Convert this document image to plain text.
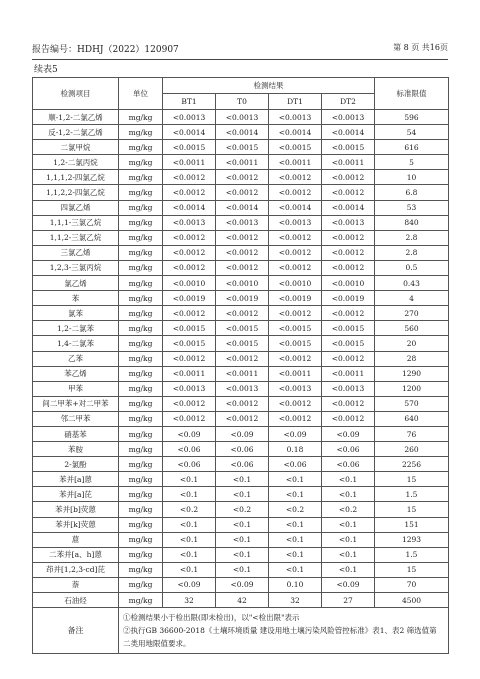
报告编号：HDHJ（2022）120907	第 8 页 共16页
续表5
检测项目	单位	检测结果				标准限值
		BT1	T0	DT1	DT2	
顺-1,2-二氯乙烯	mg/kg	<0.0013	<0.0013	<0.0013	<0.0013	596
反-1,2-二氯乙烯	mg/kg	<0.0014	<0.0014	<0.0014	<0.0014	54
二氯甲烷	mg/kg	<0.0015	<0.0015	<0.0015	<0.0015	616
1,2-二氯丙烷	mg/kg	<0.0011	<0.0011	<0.0011	<0.0011	5
1,1,1,2-四氯乙烷	mg/kg	<0.0012	<0.0012	<0.0012	<0.0012	10
1,1,2,2-四氯乙烷	mg/kg	<0.0012	<0.0012	<0.0012	<0.0012	6.8
四氯乙烯	mg/kg	<0.0014	<0.0014	<0.0014	<0.0014	53
1,1,1-三氯乙烷	mg/kg	<0.0013	<0.0013	<0.0013	<0.0013	840
1,1,2-三氯乙烷	mg/kg	<0.0012	<0.0012	<0.0012	<0.0012	2.8
三氯乙烯	mg/kg	<0.0012	<0.0012	<0.0012	<0.0012	2.8
1,2,3-三氯丙烷	mg/kg	<0.0012	<0.0012	<0.0012	<0.0012	0.5
氯乙烯	mg/kg	<0.0010	<0.0010	<0.0010	<0.0010	0.43
苯	mg/kg	<0.0019	<0.0019	<0.0019	<0.0019	4
氯苯	mg/kg	<0.0012	<0.0012	<0.0012	<0.0012	270
1,2-二氯苯	mg/kg	<0.0015	<0.0015	<0.0015	<0.0015	560
1,4-二氯苯	mg/kg	<0.0015	<0.0015	<0.0015	<0.0015	20
乙苯	mg/kg	<0.0012	<0.0012	<0.0012	<0.0012	28
苯乙烯	mg/kg	<0.0011	<0.0011	<0.0011	<0.0011	1290
甲苯	mg/kg	<0.0013	<0.0013	<0.0013	<0.0013	1200
间二甲苯+对二甲苯	mg/kg	<0.0012	<0.0012	<0.0012	<0.0012	570
邻二甲苯	mg/kg	<0.0012	<0.0012	<0.0012	<0.0012	640
硝基苯	mg/kg	<0.09	<0.09	<0.09	<0.09	76
苯胺	mg/kg	<0.06	<0.06	0.18	<0.06	260
2-氯酚	mg/kg	<0.06	<0.06	<0.06	<0.06	2256
苯并[a]蒽	mg/kg	<0.1	<0.1	<0.1	<0.1	15
苯并[a]芘	mg/kg	<0.1	<0.1	<0.1	<0.1	1.5
苯并[b]荧蒽	mg/kg	<0.2	<0.2	<0.2	<0.2	15
苯并[k]荧蒽	mg/kg	<0.1	<0.1	<0.1	<0.1	151
䓛	mg/kg	<0.1	<0.1	<0.1	<0.1	1293
二苯并[a、h]蒽	mg/kg	<0.1	<0.1	<0.1	<0.1	1.5
茚并[1,2,3-cd]芘	mg/kg	<0.1	<0.1	<0.1	<0.1	15
萘	mg/kg	<0.09	<0.09	0.10	<0.09	70
石油烃	mg/kg	32	42	32	27	4500
备注	①检测结果小于检出限(即未检出)，以"<检出限"表示
②执行GB 36600-2018《土壤环境质量 建设用地土壤污染风险管控标准》表1、表2 筛选值第二类用地限值要求。					
